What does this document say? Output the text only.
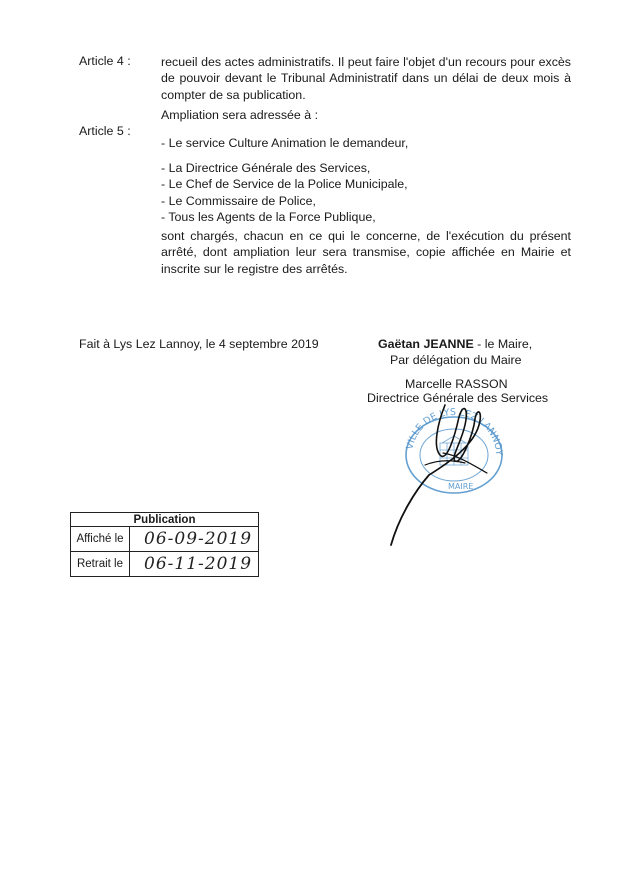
Article 4 : recueil des actes administratifs. Il peut faire l'objet d'un recours pour excès de pouvoir devant le Tribunal Administratif dans un délai de deux mois à compter de sa publication.
Ampliation sera adressée à :
Article 5 :
- Le service Culture Animation le demandeur,
- La Directrice Générale des Services,
- Le Chef de Service de la Police Municipale,
- Le Commissaire de Police,
- Tous les Agents de la Force Publique,
sont chargés, chacun en ce qui le concerne, de l'exécution du présent arrêté, dont ampliation leur sera transmise, copie affichée en Mairie et inscrite sur le registre des arrêtés.
Fait à Lys Lez Lannoy, le 4 septembre 2019	Gaëtan JEANNE - le Maire,
Par délégation du Maire
Marcelle RASSON
Directrice Générale des Services
VILLE DE LYS LEZ LANNOY
MAIRE
Publication	
Affiché le	06-09-2019

Retrait le	06-11-2019
